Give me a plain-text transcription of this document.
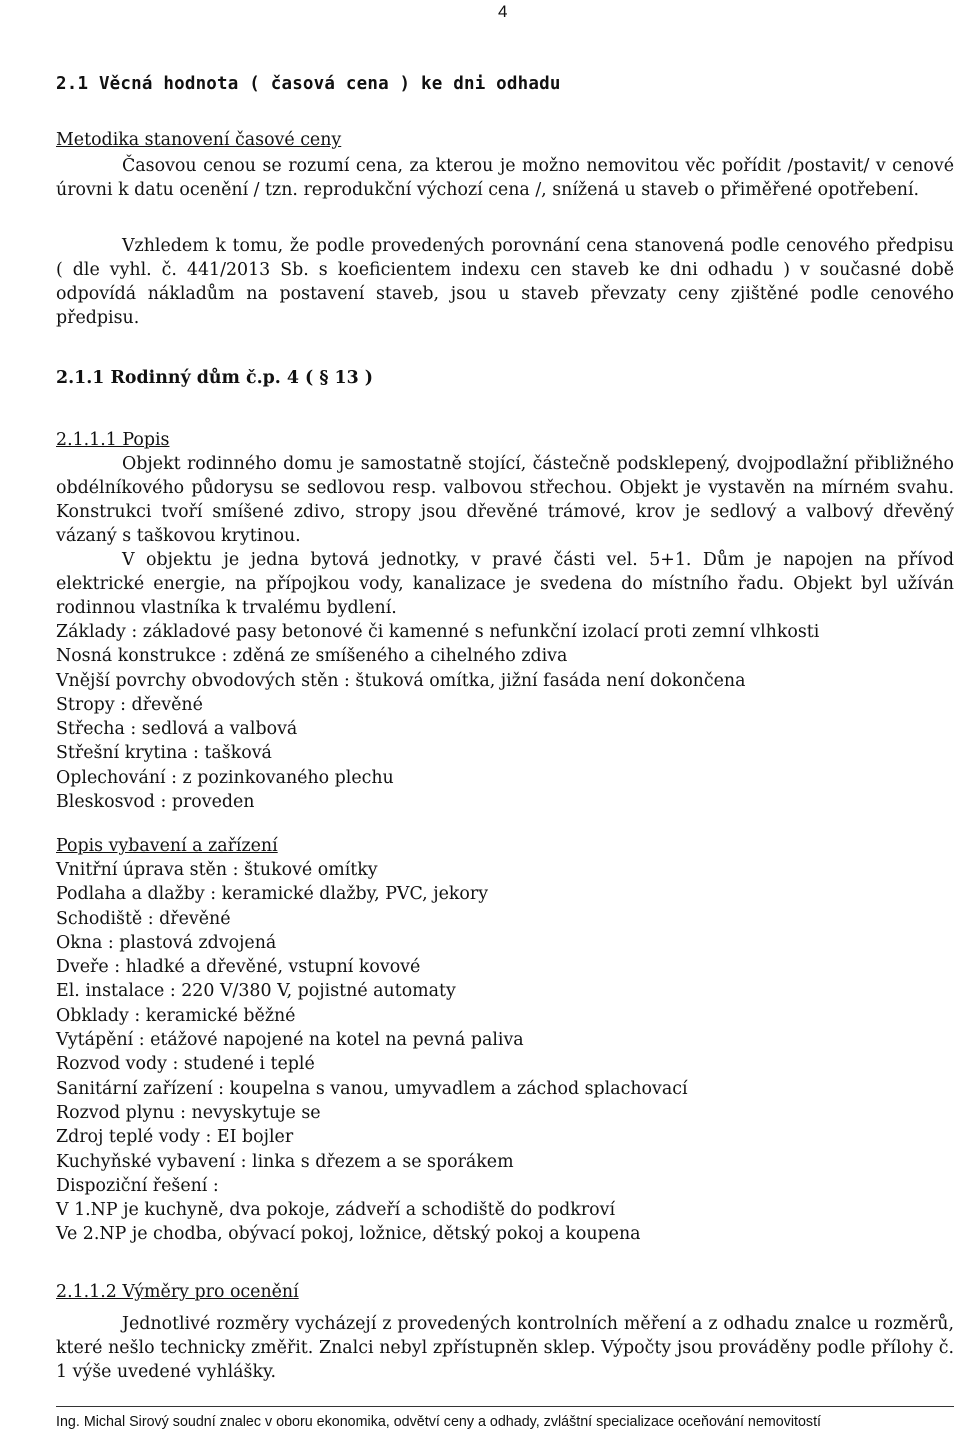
4
2.1 Věcná hodnota ( časová cena ) ke dni odhadu
Metodika stanovení časové ceny
Časovou cenou se rozumí cena, za kterou je možno nemovitou věc pořídit /postavit/ v cenové úrovni k datu ocenění / tzn. reprodukční výchozí cena /, snížená u staveb o přiměřené opotřebení.
Vzhledem k tomu, že podle provedených porovnání cena stanovená podle cenového předpisu ( dle vyhl. č. 441/2013 Sb. s koeficientem indexu cen staveb ke dni odhadu ) v současné době odpovídá nákladům na postavení staveb, jsou u staveb převzaty ceny zjištěné podle cenového předpisu.
2.1.1 Rodinný dům č.p. 4 ( § 13 )
2.1.1.1 Popis
Objekt rodinného domu je samostatně stojící, částečně podsklepený, dvojpodlažní přibližného obdélníkového půdorysu se sedlovou resp. valbovou střechou. Objekt je vystavěn na mírném svahu. Konstrukci tvoří smíšené zdivo, stropy jsou dřevěné trámové, krov je sedlový a valbový dřevěný vázaný s taškovou krytinou.
V objektu je jedna bytová jednotky, v pravé části vel. 5+1. Dům je napojen na přívod elektrické energie, na přípojkou vody, kanalizace je svedena do místního řadu. Objekt byl užíván rodinnou vlastníka k trvalému bydlení.
Základy : základové pasy betonové či kamenné s nefunkční izolací proti zemní vlhkosti
Nosná konstrukce : zděná ze smíšeného a cihelného zdiva
Vnější povrchy obvodových stěn : štuková omítka, jižní fasáda není dokončena
Stropy : dřevěné
Střecha : sedlová a valbová
Střešní krytina : tašková
Oplechování : z pozinkovaného plechu
Bleskosvod : proveden
Popis vybavení a zařízení
Vnitřní úprava stěn : štukové omítky
Podlaha a dlažby : keramické dlažby, PVC, jekory
Schodiště : dřevěné
Okna : plastová zdvojená
Dveře : hladké a dřevěné, vstupní kovové
El. instalace : 220 V/380 V, pojistné automaty
Obklady : keramické běžné
Vytápění : etážové napojené na kotel na pevná paliva
Rozvod vody : studené i teplé
Sanitární zařízení : koupelna s vanou, umyvadlem a záchod splachovací
Rozvod plynu : nevyskytuje se
Zdroj teplé vody : EI bojler
Kuchyňské vybavení : linka s dřezem a se sporákem
Dispoziční řešení :
V 1.NP je kuchyně, dva pokoje, zádveří a schodiště do podkroví
Ve 2.NP je chodba, obývací pokoj, ložnice, dětský pokoj a koupena
2.1.1.2 Výměry pro ocenění
Jednotlivé rozměry vycházejí z provedených kontrolních měření a z odhadu znalce u rozměrů, které nešlo technicky změřit. Znalci nebyl zpřístupněn sklep. Výpočty jsou prováděny podle přílohy č. 1 výše uvedené vyhlášky.
Ing. Michal Sirový soudní znalec v oboru ekonomika, odvětví ceny a odhady, zvláštní specializace oceňování nemovitostí
